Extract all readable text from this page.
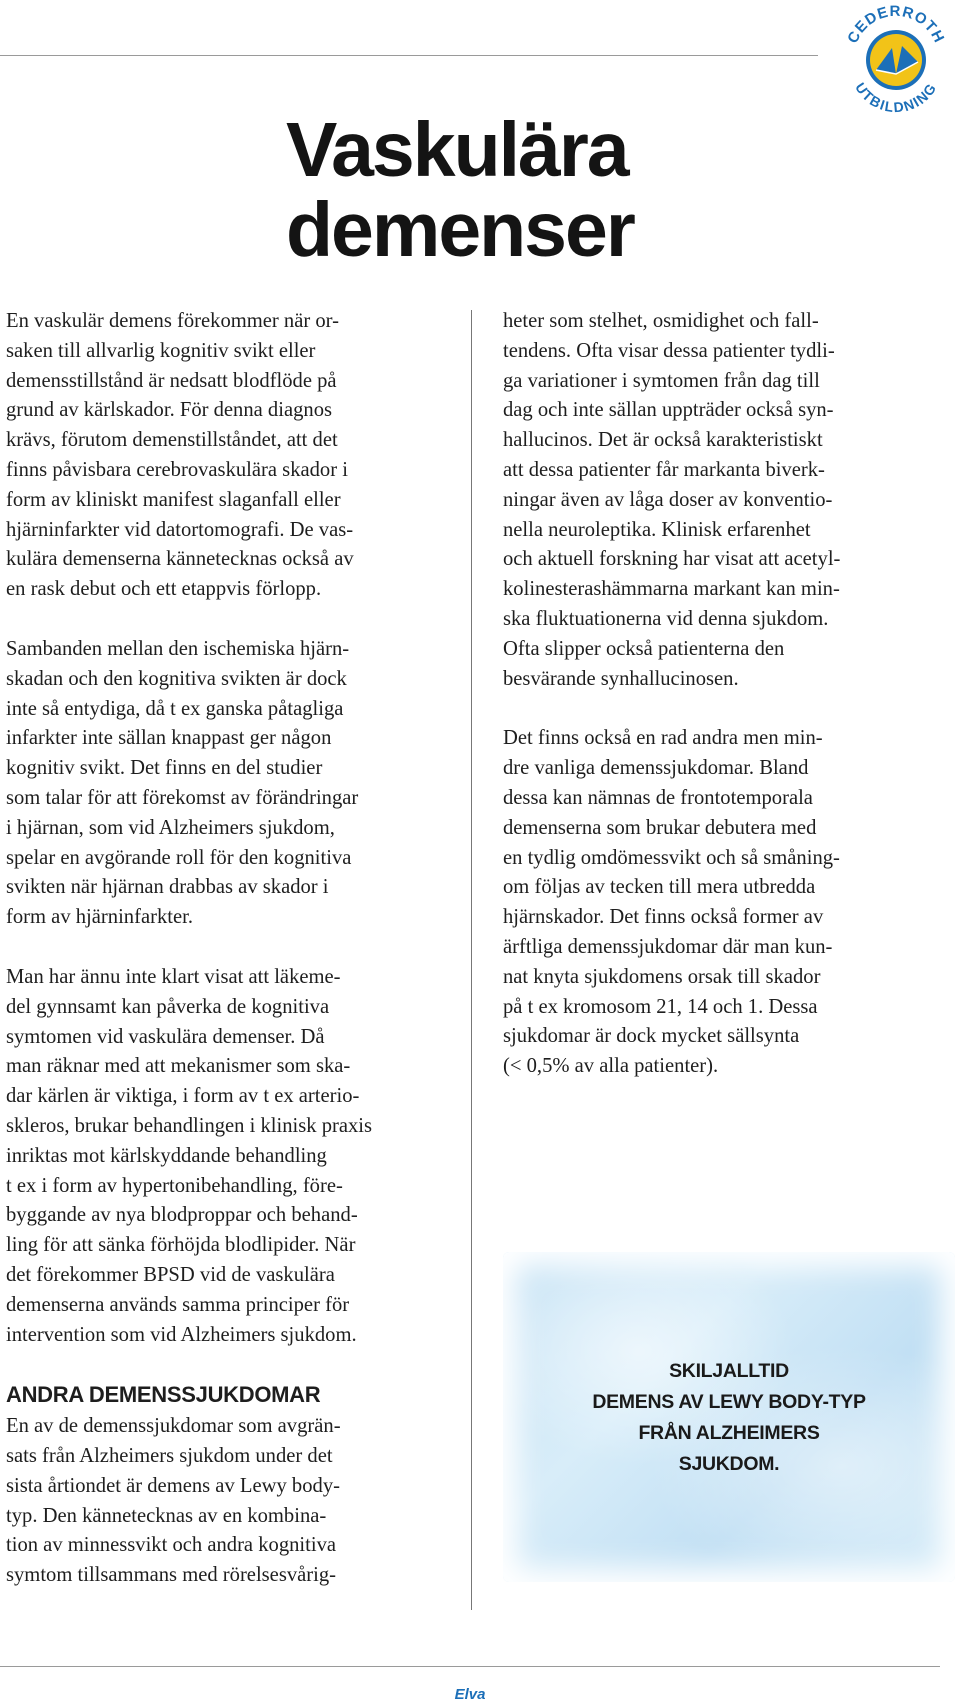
CEDERROTH
UTBILDNING
Vaskulära
demenser

En vaskulär demens förekommer när or-
saken till allvarlig kognitiv svikt eller
demensstillstånd är nedsatt blodflöde på
grund av kärlskador. För denna diagnos
krävs, förutom demenstillståndet, att det
finns påvisbara cerebrovaskulära skador i
form av kliniskt manifest slaganfall eller
hjärninfarkter vid datortomografi. De vas-
kulära demenserna kännetecknas också av
en rask debut och ett etappvis förlopp.

Sambanden mellan den ischemiska hjärn-
skadan och den kognitiva svikten är dock
inte så entydiga, då t ex ganska påtagliga
infarkter inte sällan knappast ger någon
kognitiv svikt. Det finns en del studier
som talar för att förekomst av förändringar
i hjärnan, som vid Alzheimers sjukdom,
spelar en avgörande roll för den kognitiva
svikten när hjärnan drabbas av skador i
form av hjärninfarkter.

Man har ännu inte klart visat att läkeme-
del gynnsamt kan påverka de kognitiva
symtomen vid vaskulära demenser. Då
man räknar med att mekanismer som ska-
dar kärlen är viktiga, i form av t ex arterio-
skleros, brukar behandlingen i klinisk praxis
inriktas mot kärlskyddande behandling
t ex i form av hypertonibehandling, före-
byggande av nya blodproppar och behand-
ling för att sänka förhöjda blodlipider. När
det förekommer BPSD vid de vaskulära
demenserna används samma principer för
intervention som vid Alzheimers sjukdom.

ANDRA DEMENSSJUKDOMAR

En av de demenssjukdomar som avgrän-
sats från Alzheimers sjukdom under det
sista årtiondet är demens av Lewy body-
typ. Den kännetecknas av en kombina-
tion av minnessvikt och andra kognitiva
symtom tillsammans med rörelsesvårig-

heter som stelhet, osmidighet och fall-
tendens. Ofta visar dessa patienter tydli-
ga variationer i symtomen från dag till
dag och inte sällan uppträder också syn-
hallucinos. Det är också karakteristiskt
att dessa patienter får markanta biverk-
ningar även av låga doser av konventio-
nella neuroleptika. Klinisk erfarenhet
och aktuell forskning har visat att acetyl-
kolinesterashämmarna markant kan min-
ska fluktuationerna vid denna sjukdom.
Ofta slipper också patienterna den
besvärande synhallucinosen.

Det finns också en rad andra men min-
dre vanliga demenssjukdomar. Bland
dessa kan nämnas de frontotemporala
demenserna som brukar debutera med
en tydlig omdömessvikt och så småning-
om följas av tecken till mera utbredda
hjärnskador. Det finns också former av
ärftliga demenssjukdomar där man kun-
nat knyta sjukdomens orsak till skador
på t ex kromosom 21, 14 och 1. Dessa
sjukdomar är dock mycket sällsynta
(< 0,5% av alla patienter).

SKILJALLTID
DEMENS AV LEWY BODY-TYP
FRÅN ALZHEIMERS
SJUKDOM.
Elva
